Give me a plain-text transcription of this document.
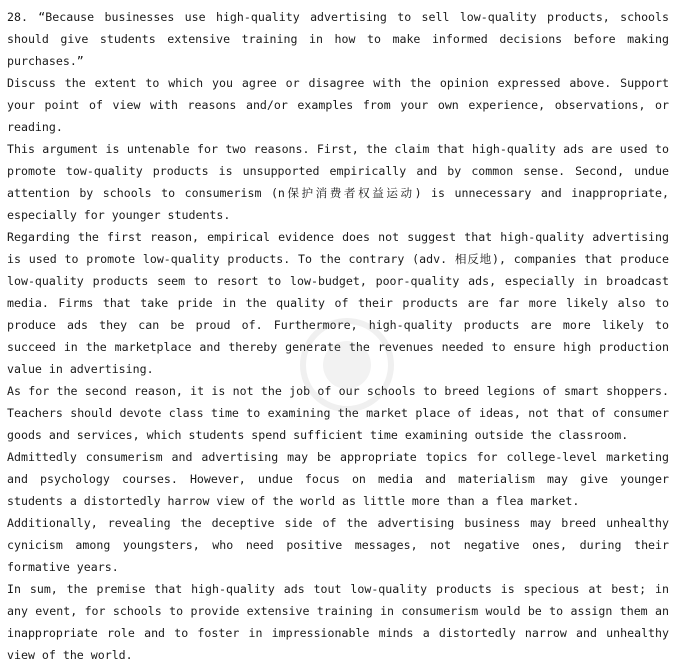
28. “Because businesses use high-quality advertising to sell low-quality products, schools should give students extensive training in how to make informed decisions before making purchases.”

Discuss the extent to which you agree or disagree with the opinion expressed above. Support your point of view with reasons and/or examples from your own experience, observations, or reading.

This argument is untenable for two reasons. First, the claim that high-quality ads are used to promote tow-quality products is unsupported empirically and by common sense. Second, undue attention by schools to consumerism (n保护消费者权益运动) is unnecessary and inappropriate, especially for younger students.

Regarding the first reason, empirical evidence does not suggest that high-quality advertising is used to promote low-quality products. To the contrary (adv. 相反地), companies that produce low-quality products seem to resort to low-budget, poor-quality ads, especially in broadcast media. Firms that take pride in the quality of their products are far more likely also to produce ads they can be proud of. Furthermore, high-quality products are more likely to succeed in the marketplace and thereby generate the revenues needed to ensure high production value in advertising.

As for the second reason, it is not the job of our schools to breed legions of smart shoppers. Teachers should devote class time to examining the market place of ideas, not that of consumer goods and services, which students spend sufficient time examining outside the classroom.

Admittedly consumerism and advertising may be appropriate topics for college-level marketing and psychology courses. However, undue focus on media and materialism may give younger students a distortedly harrow view of the world as little more than a flea market.

Additionally, revealing the deceptive side of the advertising business may breed unhealthy cynicism among youngsters, who need positive messages, not negative ones, during their formative years.

In sum, the premise that high-quality ads tout low-quality products is specious at best; in any event, for schools to provide extensive training in consumerism would be to assign them an inappropriate role and to foster in impressionable minds a distortedly narrow and unhealthy view of the world.
